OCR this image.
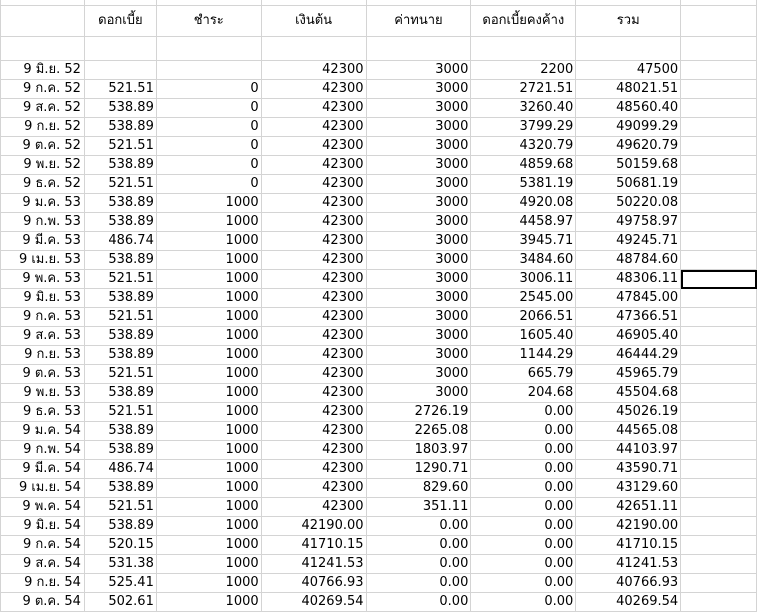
	ดอกเบี้ย	ชำระ	เงินต้น	ค่าทนาย	ดอกเบี้ยคงค้าง	รวม	

9 มิ.ย. 52			42300	3000	2200	47500	
9 ก.ค. 52	521.51	0	42300	3000	2721.51	48021.51	
9 ส.ค. 52	538.89	0	42300	3000	3260.40	48560.40	
9 ก.ย. 52	538.89	0	42300	3000	3799.29	49099.29	
9 ต.ค. 52	521.51	0	42300	3000	4320.79	49620.79	
9 พ.ย. 52	538.89	0	42300	3000	4859.68	50159.68	
9 ธ.ค. 52	521.51	0	42300	3000	5381.19	50681.19	
9 ม.ค. 53	538.89	1000	42300	3000	4920.08	50220.08	
9 ก.พ. 53	538.89	1000	42300	3000	4458.97	49758.97	
9 มี.ค. 53	486.74	1000	42300	3000	3945.71	49245.71	
9 เม.ย. 53	538.89	1000	42300	3000	3484.60	48784.60	
9 พ.ค. 53	521.51	1000	42300	3000	3006.11	48306.11	
9 มิ.ย. 53	538.89	1000	42300	3000	2545.00	47845.00	
9 ก.ค. 53	521.51	1000	42300	3000	2066.51	47366.51	
9 ส.ค. 53	538.89	1000	42300	3000	1605.40	46905.40	
9 ก.ย. 53	538.89	1000	42300	3000	1144.29	46444.29	
9 ต.ค. 53	521.51	1000	42300	3000	665.79	45965.79	
9 พ.ย. 53	538.89	1000	42300	3000	204.68	45504.68	
9 ธ.ค. 53	521.51	1000	42300	2726.19	0.00	45026.19	
9 ม.ค. 54	538.89	1000	42300	2265.08	0.00	44565.08	
9 ก.พ. 54	538.89	1000	42300	1803.97	0.00	44103.97	
9 มี.ค. 54	486.74	1000	42300	1290.71	0.00	43590.71	
9 เม.ย. 54	538.89	1000	42300	829.60	0.00	43129.60	
9 พ.ค. 54	521.51	1000	42300	351.11	0.00	42651.11	
9 มิ.ย. 54	538.89	1000	42190.00	0.00	0.00	42190.00	
9 ก.ค. 54	520.15	1000	41710.15	0.00	0.00	41710.15	
9 ส.ค. 54	531.38	1000	41241.53	0.00	0.00	41241.53	
9 ก.ย. 54	525.41	1000	40766.93	0.00	0.00	40766.93	
9 ต.ค. 54	502.61	1000	40269.54	0.00	0.00	40269.54	
